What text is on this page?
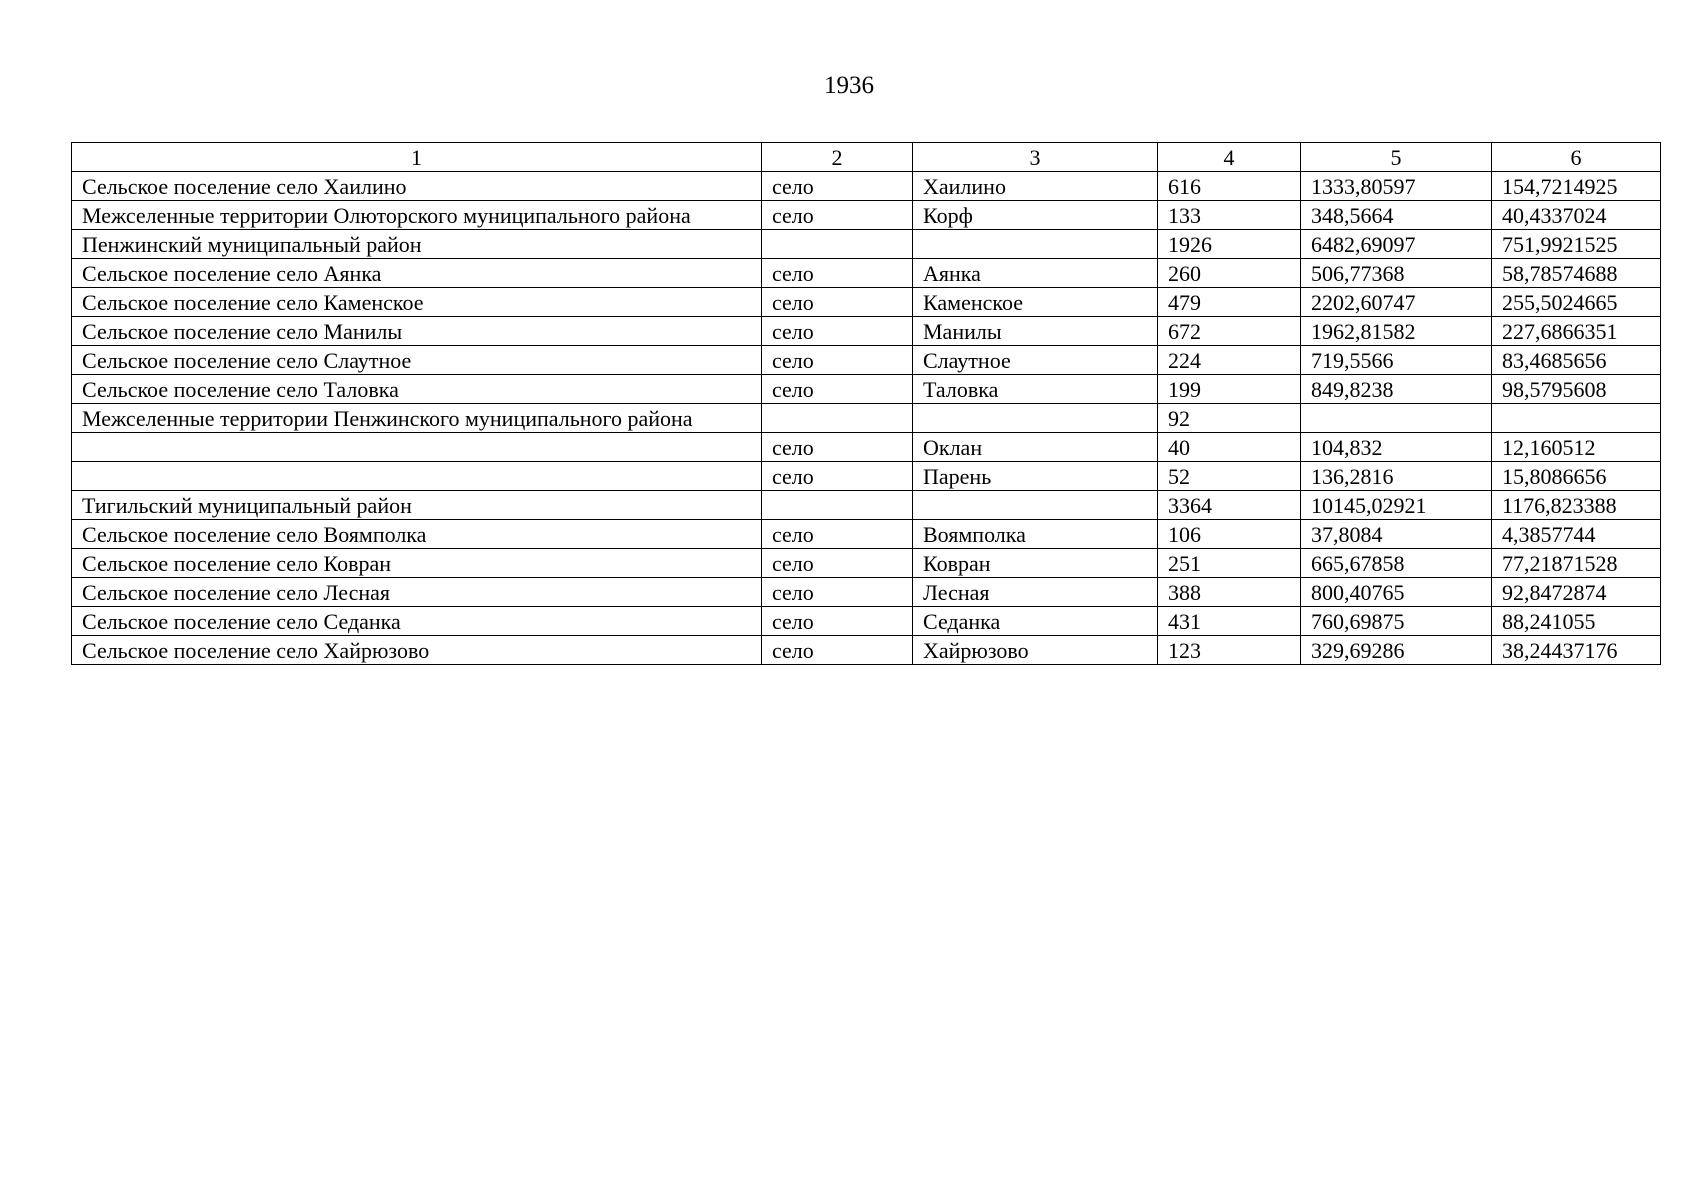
1936
1	2	3	4	5	6
Сельское поселение село Хаилино	село	Хаилино	616	1333,80597	154,7214925
Межселенные территории Олюторского муниципального района	село	Корф	133	348,5664	40,4337024
Пенжинский муниципальный район			1926	6482,69097	751,9921525
Сельское поселение село Аянка	село	Аянка	260	506,77368	58,78574688
Сельское поселение село Каменское	село	Каменское	479	2202,60747	255,5024665
Сельское поселение село Манилы	село	Манилы	672	1962,81582	227,6866351
Сельское поселение село Слаутное	село	Слаутное	224	719,5566	83,4685656
Сельское поселение село Таловка	село	Таловка	199	849,8238	98,5795608
Межселенные территории Пенжинского муниципального района			92		
	село	Оклан	40	104,832	12,160512
	село	Парень	52	136,2816	15,8086656
Тигильский муниципальный район			3364	10145,02921	1176,823388
Сельское поселение село Воямполка	село	Воямполка	106	37,8084	4,3857744
Сельское поселение село Ковран	село	Ковран	251	665,67858	77,21871528
Сельское поселение село Лесная	село	Лесная	388	800,40765	92,8472874
Сельское поселение село Седанка	село	Седанка	431	760,69875	88,241055
Сельское поселение село Хайрюзово	село	Хайрюзово	123	329,69286	38,24437176
